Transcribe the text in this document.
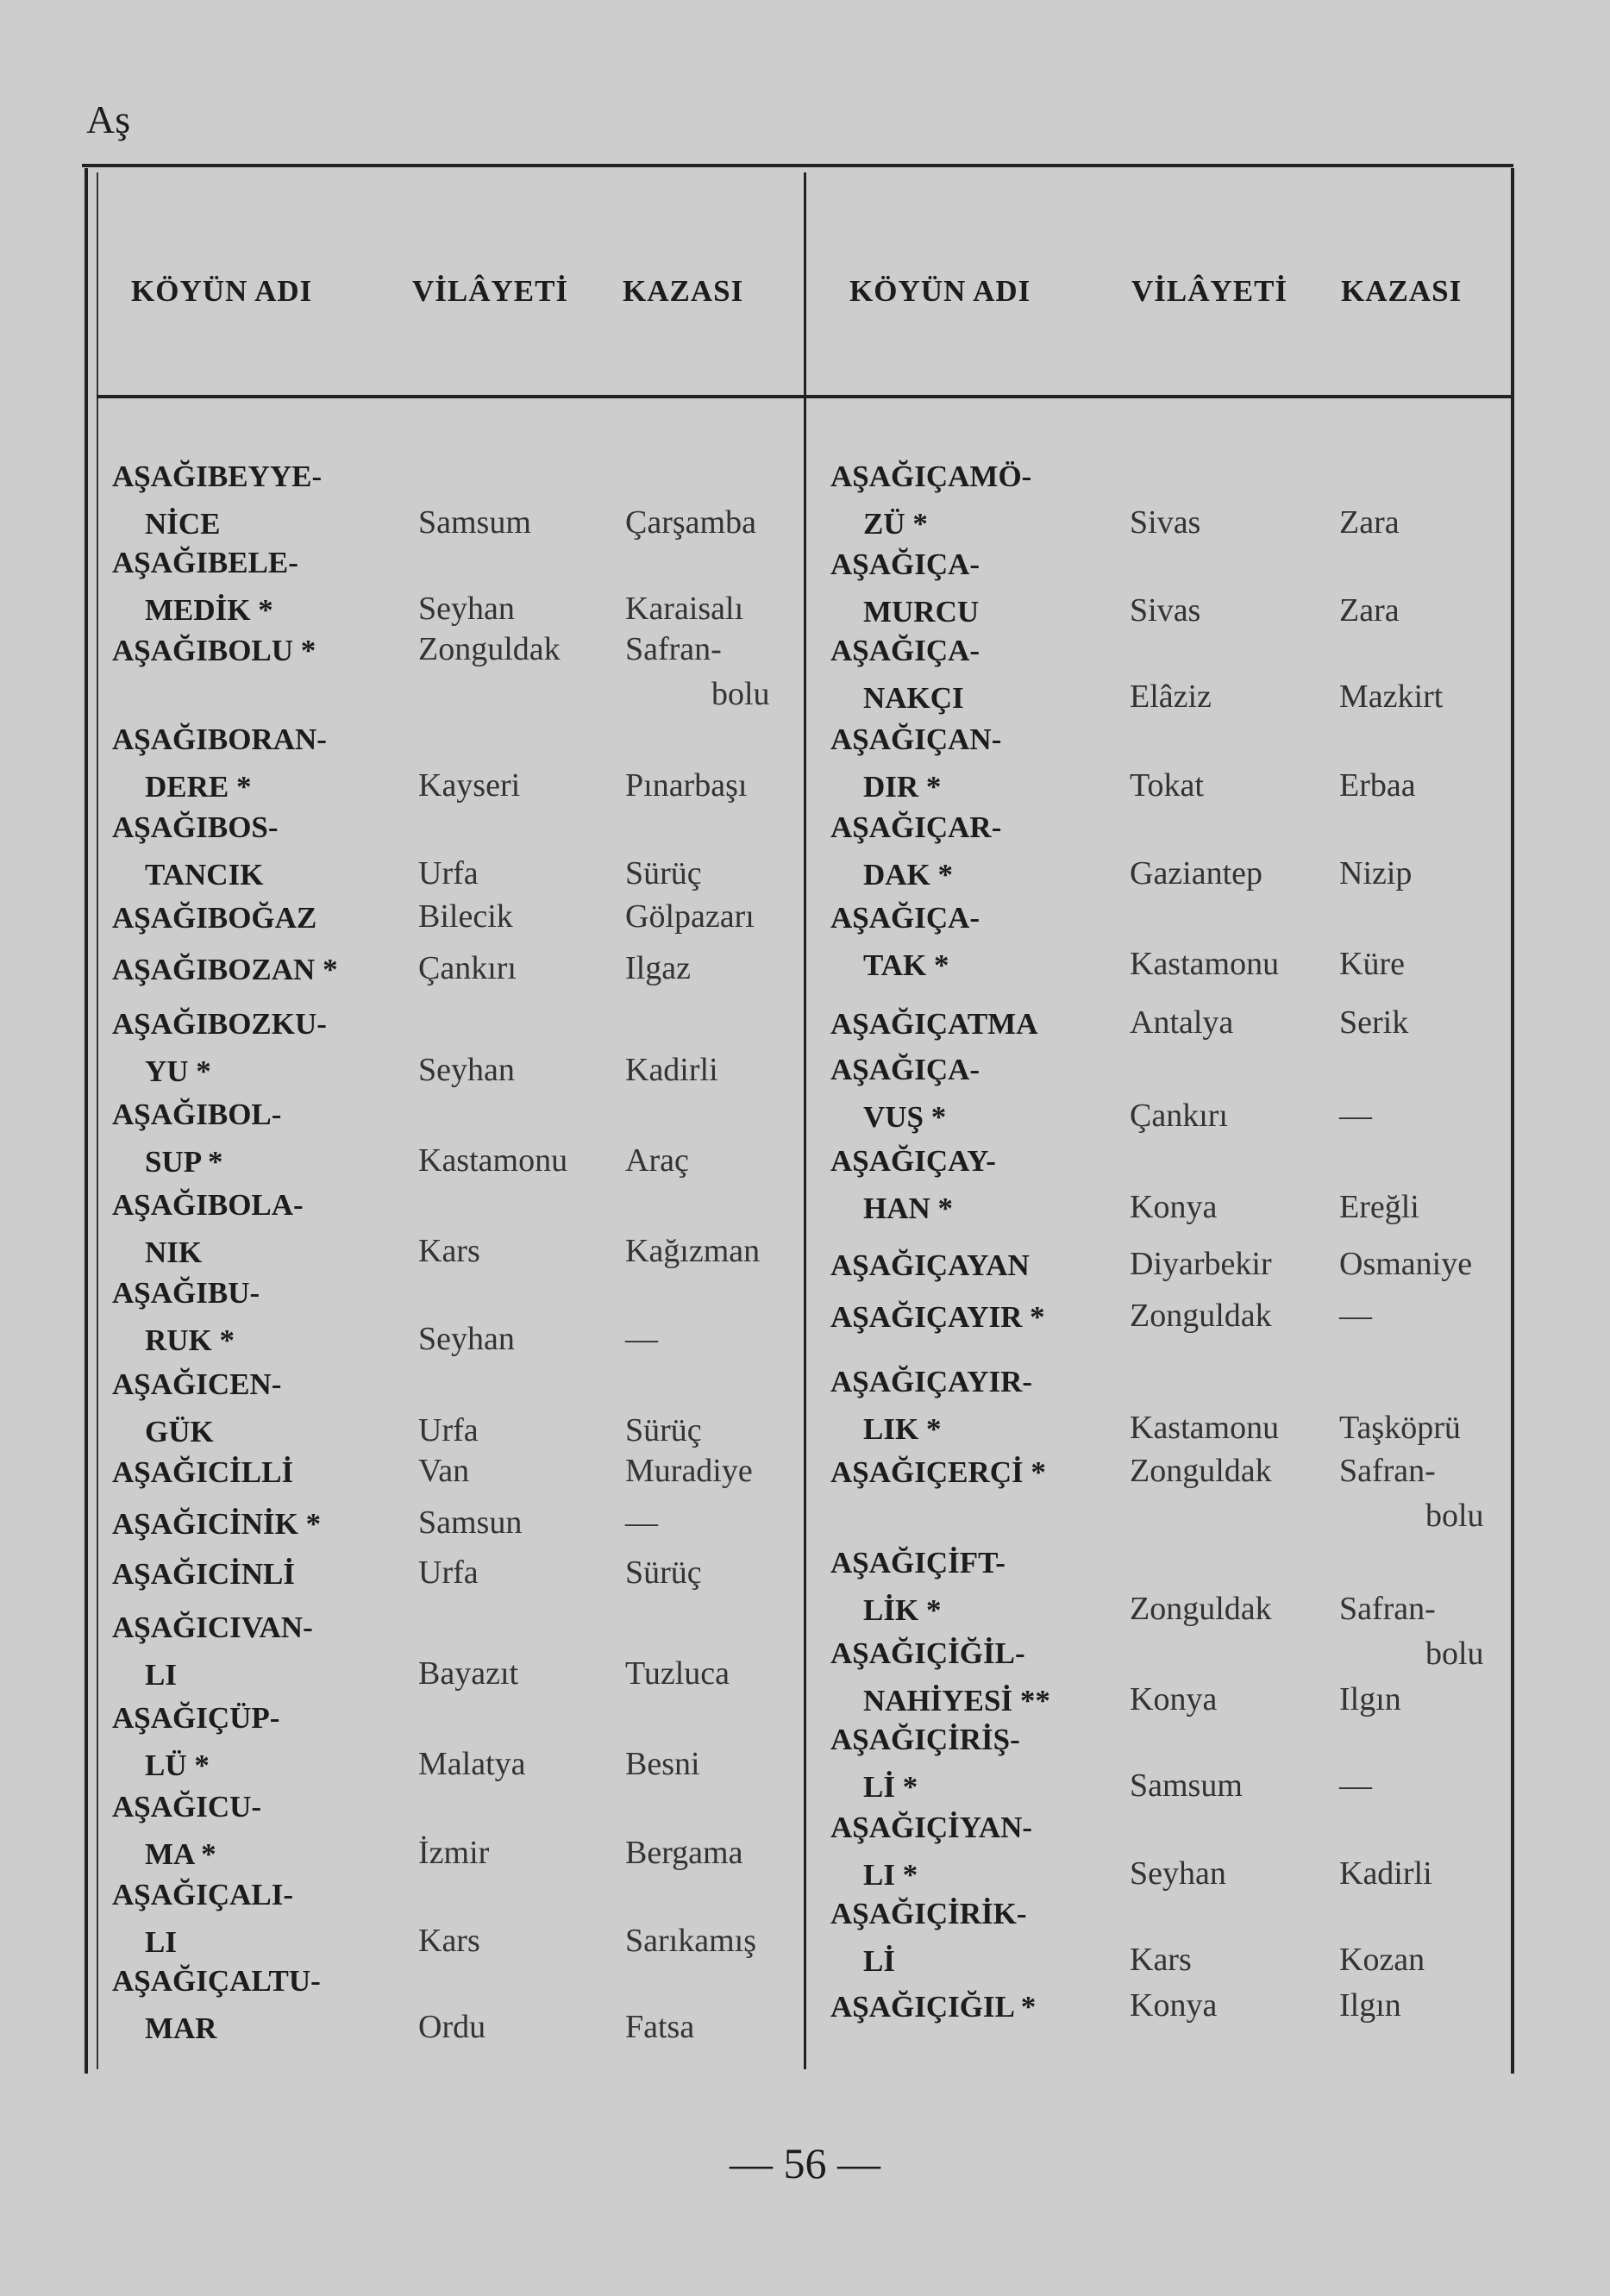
Aş
KÖYÜN ADI	VİLÂYETİ KAZASI	KÖYÜN ADI	VİLÂYETİ KAZASI
AŞAĞIBEYYE-

NİCE	Samsum	Çarşamba
AŞAĞIBELE-

MEDİK *	Seyhan	Karaisalı
AŞAĞIBOLU *	Zonguldak Safran-
bolu
AŞAĞIBORAN-

DERE *	Kayseri	Pınarbaşı
AŞAĞIBOS-

TANCIK	Urfa	Sürüç
AŞAĞIBOĞAZ	Bilecik	Gölpazarı
AŞAĞIBOZAN * Çankırı	Ilgaz
AŞAĞIBOZKU-

YU *	Seyhan	Kadirli
AŞAĞIBOL-

SUP *	Kastamonu Araç
AŞAĞIBOLA-

NIK	Kars	Kağızman
AŞAĞIBU-

RUK *	Seyhan	—
AŞAĞICEN-

GÜK	Urfa	Sürüç
AŞAĞICİLLİ	Van	Muradiye
AŞAĞICİNİK *	Samsun	—
AŞAĞICİNLİ	Urfa	Sürüç
AŞAĞICIVAN-

LI	Bayazıt	Tuzluca
AŞAĞIÇÜP-

LÜ *	Malatya	Besni
AŞAĞICU-

MA *	İzmir	Bergama
AŞAĞIÇALI-

LI	Kars	Sarıkamış
AŞAĞIÇALTU-

MAR	Ordu	Fatsa
AŞAĞIÇAMÖ-

ZÜ *	Sivas	Zara
AŞAĞIÇA-

MURCU	Sivas	Zara
AŞAĞIÇA-

NAKÇI	Elâziz	Mazkirt
AŞAĞIÇAN-

DIR *	Tokat	Erbaa
AŞAĞIÇAR-

DAK *	Gaziantep Nizip
AŞAĞIÇA-

TAK *	Kastamonu Küre
AŞAĞIÇATMA	Antalya	Serik
AŞAĞIÇA-

VUŞ *	Çankırı	—
AŞAĞIÇAY-

HAN *	Konya	Ereğli
AŞAĞIÇAYAN	Diyarbekir Osmaniye
AŞAĞIÇAYIR *	Zonguldak —
AŞAĞIÇAYIR-

LIK *	Kastamonu Taşköprü
AŞAĞIÇERÇİ *	Zonguldak Safran-
bolu
AŞAĞIÇİFT-

LİK *	Zonguldak Safran-
bolu
AŞAĞIÇİĞİL-

NAHİYESİ ** Konya	Ilgın
AŞAĞIÇİRİŞ-

Lİ *	Samsum	—
AŞAĞIÇİYAN-

LI *	Seyhan	Kadirli
AŞAĞIÇİRİK-

Lİ	Kars	Kozan
AŞAĞIÇIĞIL *	Konya	Ilgın
— 56 —
